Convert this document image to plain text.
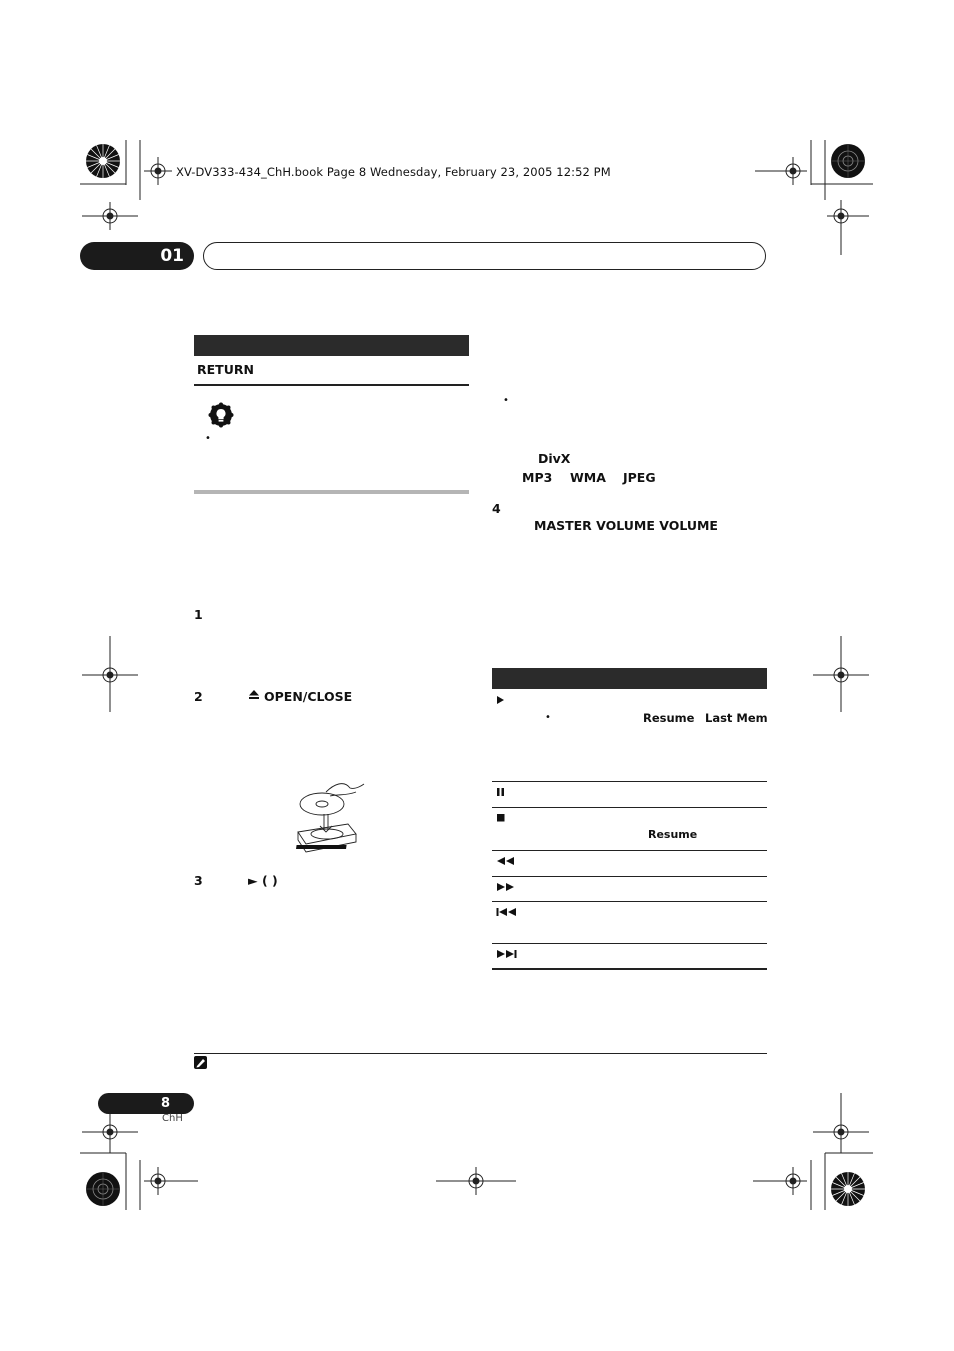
XV-DV333-434_ChH.book Page 8 Wednesday, February 23, 2005 12:52 PM
01
RETURN
•
1
2	OPEN/CLOSE
3	► ( )
•
DivX
MP3 WMA JPEG
4
MASTER VOLUME VOLUME
•	Resume Last Mem
Resume
8
ChH
